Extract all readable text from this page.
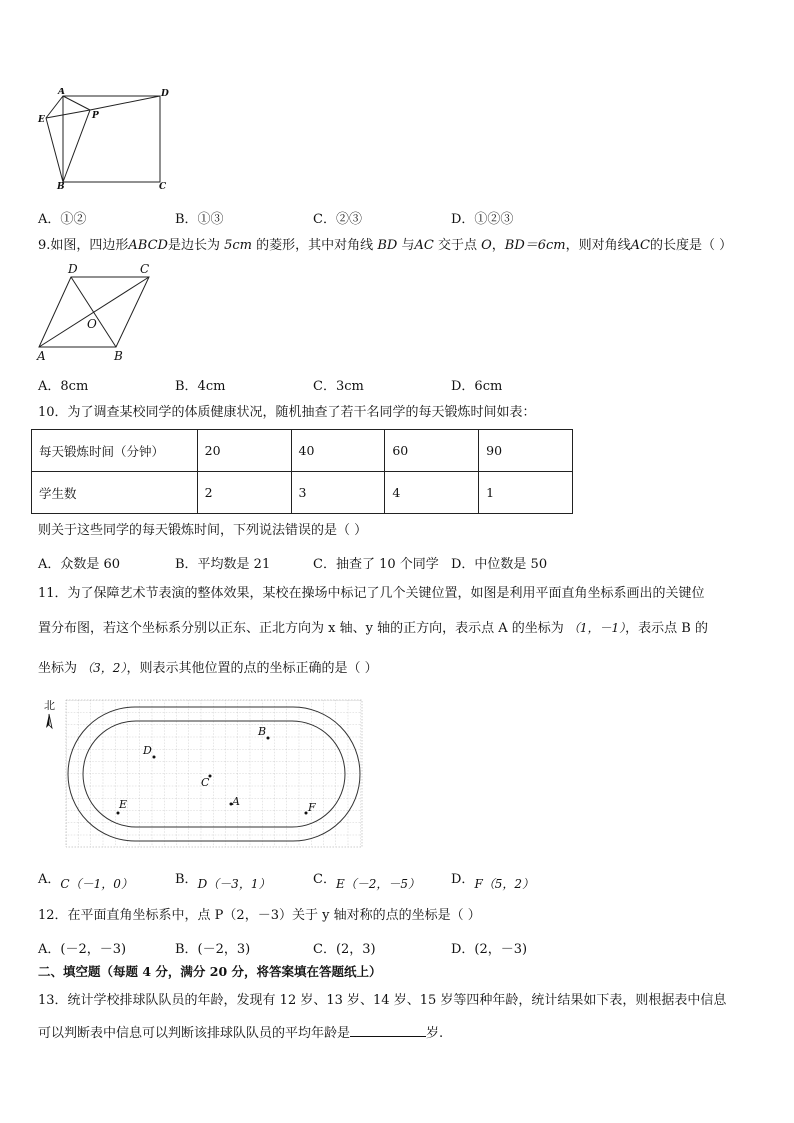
A	D
E	P
B	C
A．①②	B．①③	C．②③	D．①②③
9.如图，四边形ABCD是边长为 5cm 的菱形，其中对角线 BD 与AC 交于点 O，BD＝6cm，则对角线AC的长度是（ ）
D	C
O
A	B
A．8cm	B．4cm	C．3cm	D．6cm
10．为了调查某校同学的体质健康状况，随机抽查了若干名同学的每天锻炼时间如表：
每天锻炼时间（分钟）	20	40	60	90
学生数	2	3	4	1
则关于这些同学的每天锻炼时间，下列说法错误的是（ ）
A．众数是 60	B．平均数是 21	C．抽查了 10 个同学 D．中位数是 50
11．为了保障艺术节表演的整体效果，某校在操场中标记了几个关键位置，如图是利用平面直角坐标系画出的关键位
置分布图，若这个坐标系分别以正东、正北方向为 x 轴、y 轴的正方向，表示点 A 的坐标为 （1，－1），表示点 B 的
坐标为 （3，2），则表示其他位置的点的坐标正确的是（ ）
北
A
B
C
D
E	F
A．C（－1，0）	B．D（－3，1）	C．E（－2，－5） D．F（5，2）
12．在平面直角坐标系中，点 P（2，－3）关于 y 轴对称的点的坐标是（ ）
A．(－2，－3)	B．(－2，3)	C．(2，3)	D．(2，－3)
二、填空题（每题 4 分，满分 20 分，将答案填在答题纸上）
13．统计学校排球队队员的年龄，发现有 12 岁、13 岁、14 岁、15 岁等四种年龄，统计结果如下表，则根据表中信息
可以判断表中信息可以判断该排球队队员的平均年龄是	岁.
